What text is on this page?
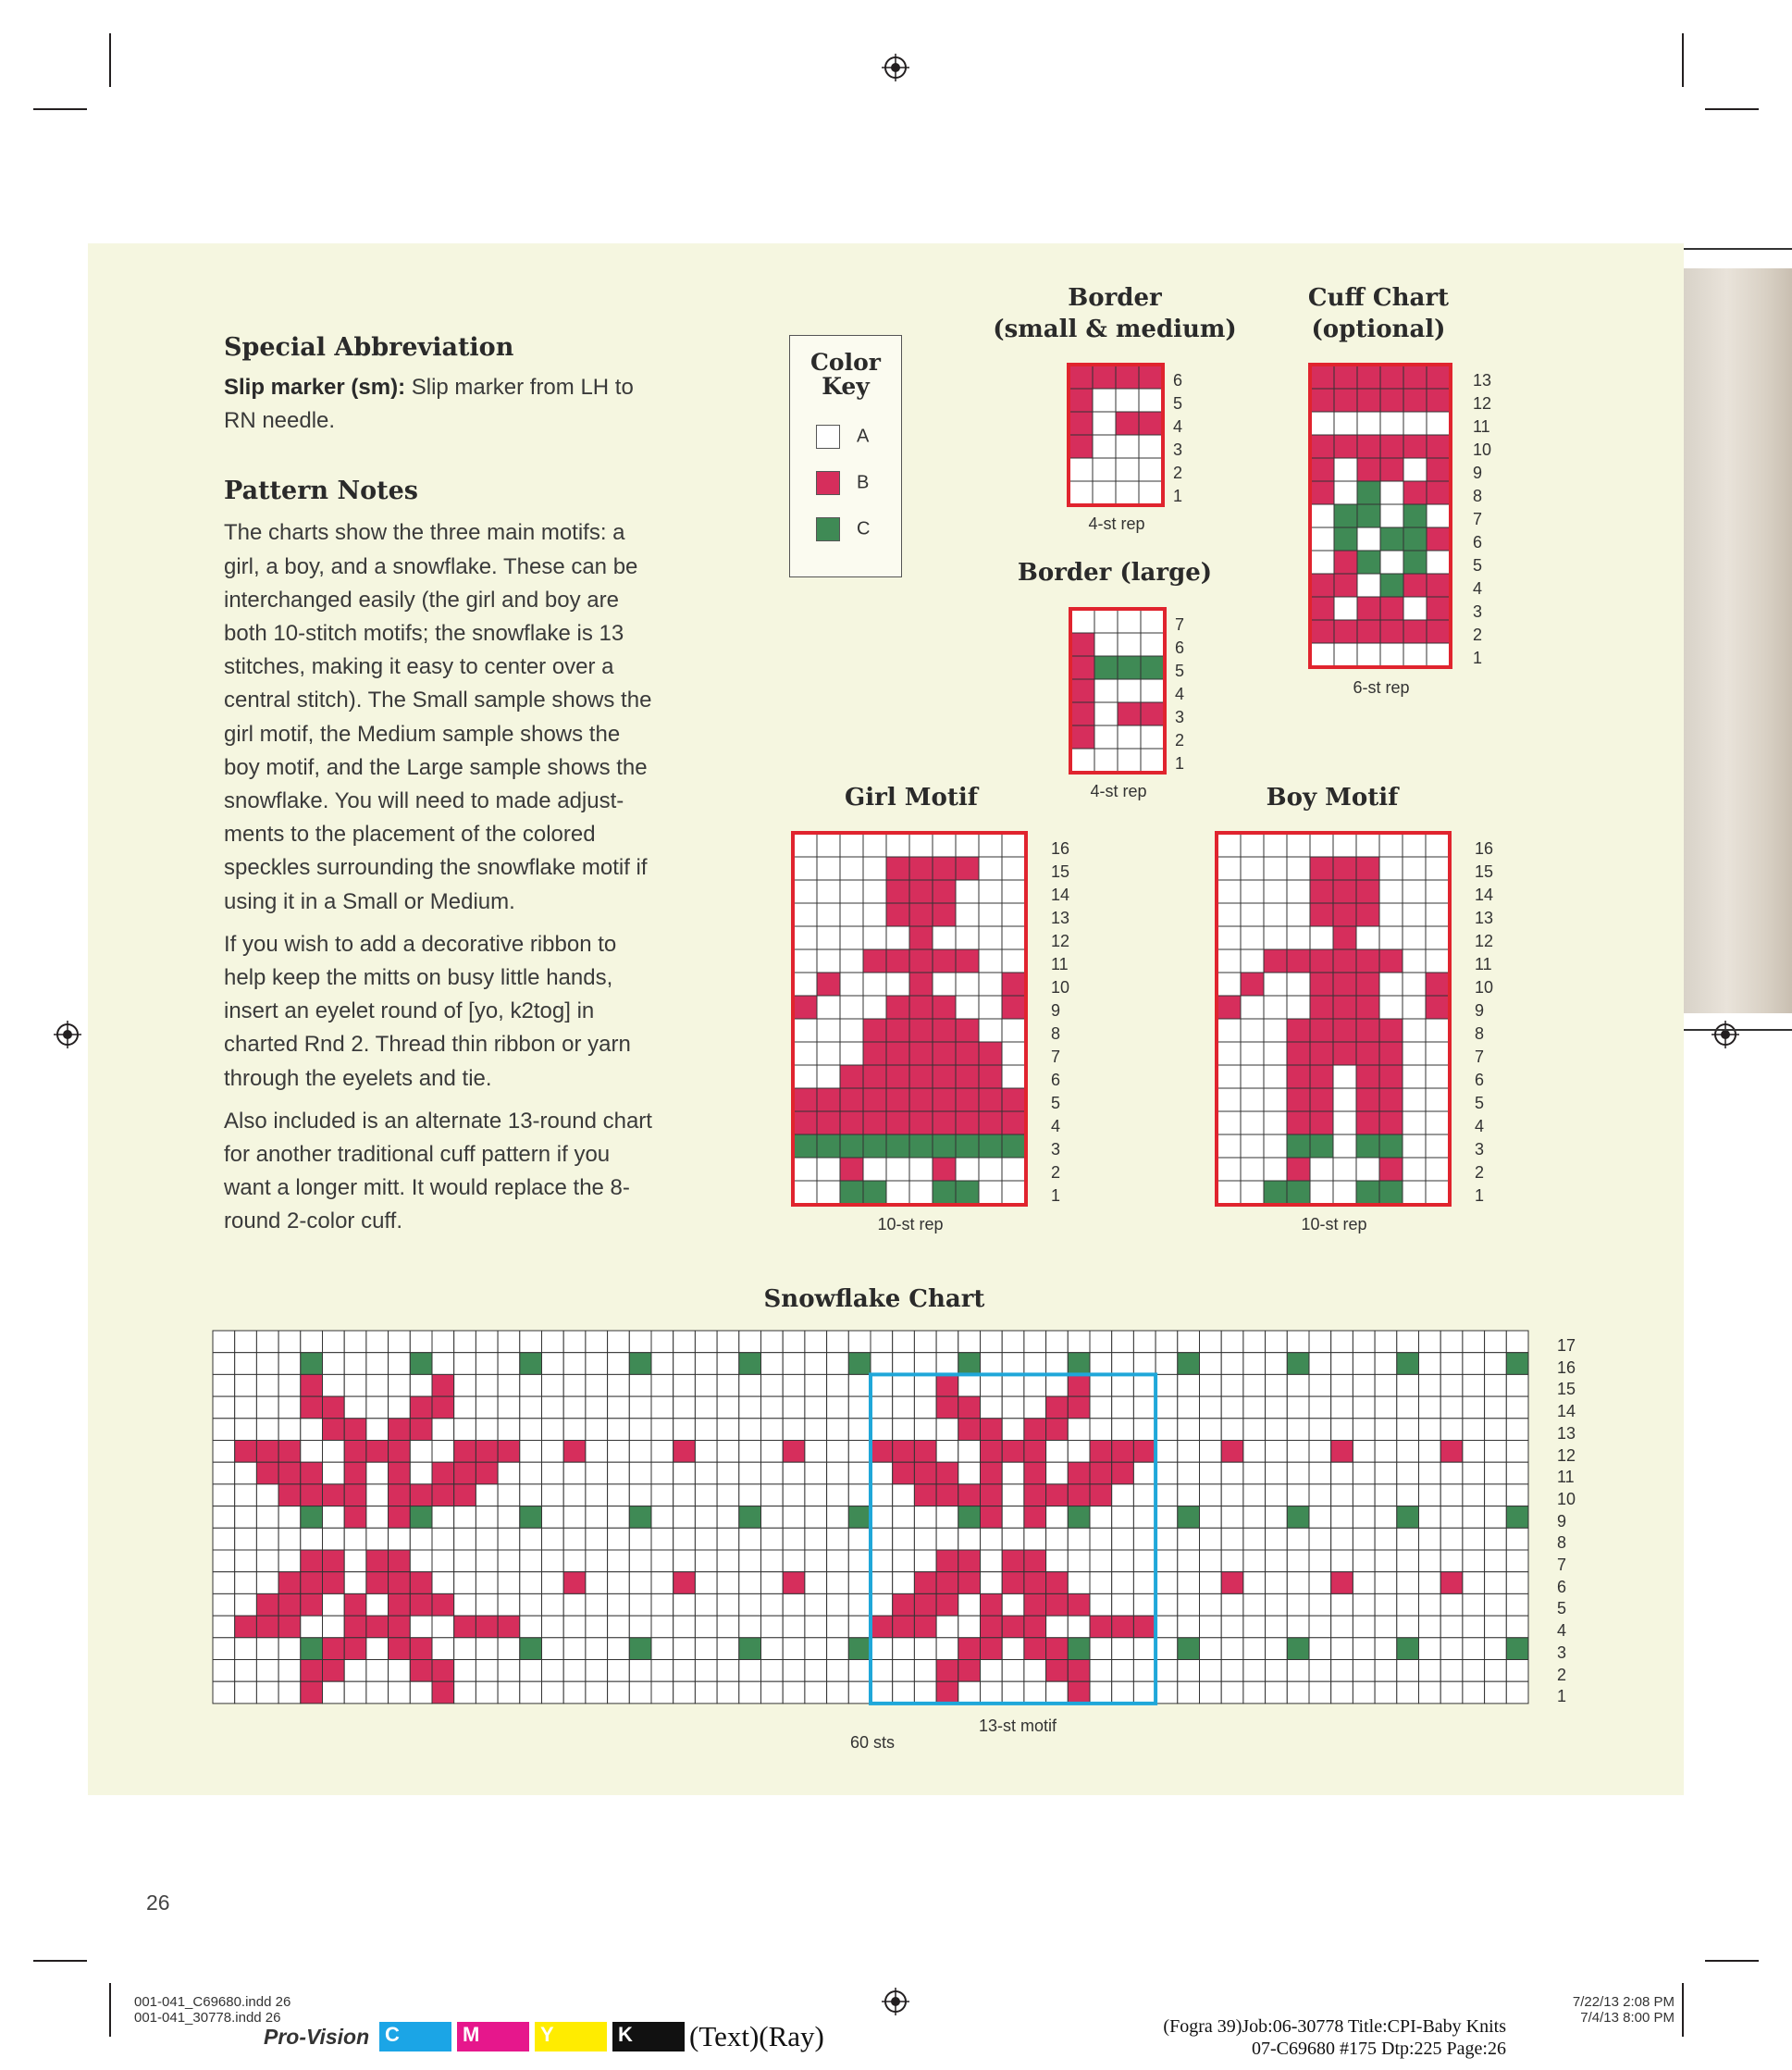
Special Abbreviation
Slip marker (sm): Slip marker from LH to RN needle.
Pattern Notes

The charts show the three main motifs: a girl, a boy, and a snowflake. These can be interchanged easily (the girl and boy are both 10-stitch motifs; the snowflake is 13 stitches, making it easy to center over a central stitch). The Small sample shows the girl motif, the Medium sample shows the boy motif, and the Large sample shows the snowflake. You will need to made adjustments to the placement of the colored speckles surrounding the snowflake motif if using it in a Small or Medium.

If you wish to add a decorative ribbon to help keep the mitts on busy little hands, insert an eyelet round of [yo, k2tog] in charted Rnd 2. Thread thin ribbon or yarn through the eyelets and tie.

Also included is an alternate 13-round chart for another traditional cuff pattern if you want a longer mitt. It would replace the 8-round 2-color cuff.

Color
Key
A
B
C
Border
(small & medium)
Cuff Chart
(optional)
Border (large)
Girl Motif	Boy Motif
Snowflake Chart
6
5
4
3
2
1
7
6
5
4
3
2
1
13
12
11
10
9
8
7
6
5
4
3
2
1
16
15
14
13
12
11
10
9
8
7
6
5
4
3
2
1
16
15
14
13
12
11
10
9
8
7
6
5
4
3
2
1
17
16
15
14
13
12
11
10
9
8
7
6
5
4
3
2
1
4-st rep
4-st rep
6-st rep
10-st rep	10-st rep
13-st motif
60 sts
26
001-041_C69680.indd 26
001-041_30778.indd 26
7/22/13 2:08 PM
7/4/13 8:00 PM
(Fogra 39)Job:06-30778 Title:CPI-Baby Knits
07-C69680 #175 Dtp:225 Page:26
Pro-Vision C	M	Y	K (Text)(Ray)
